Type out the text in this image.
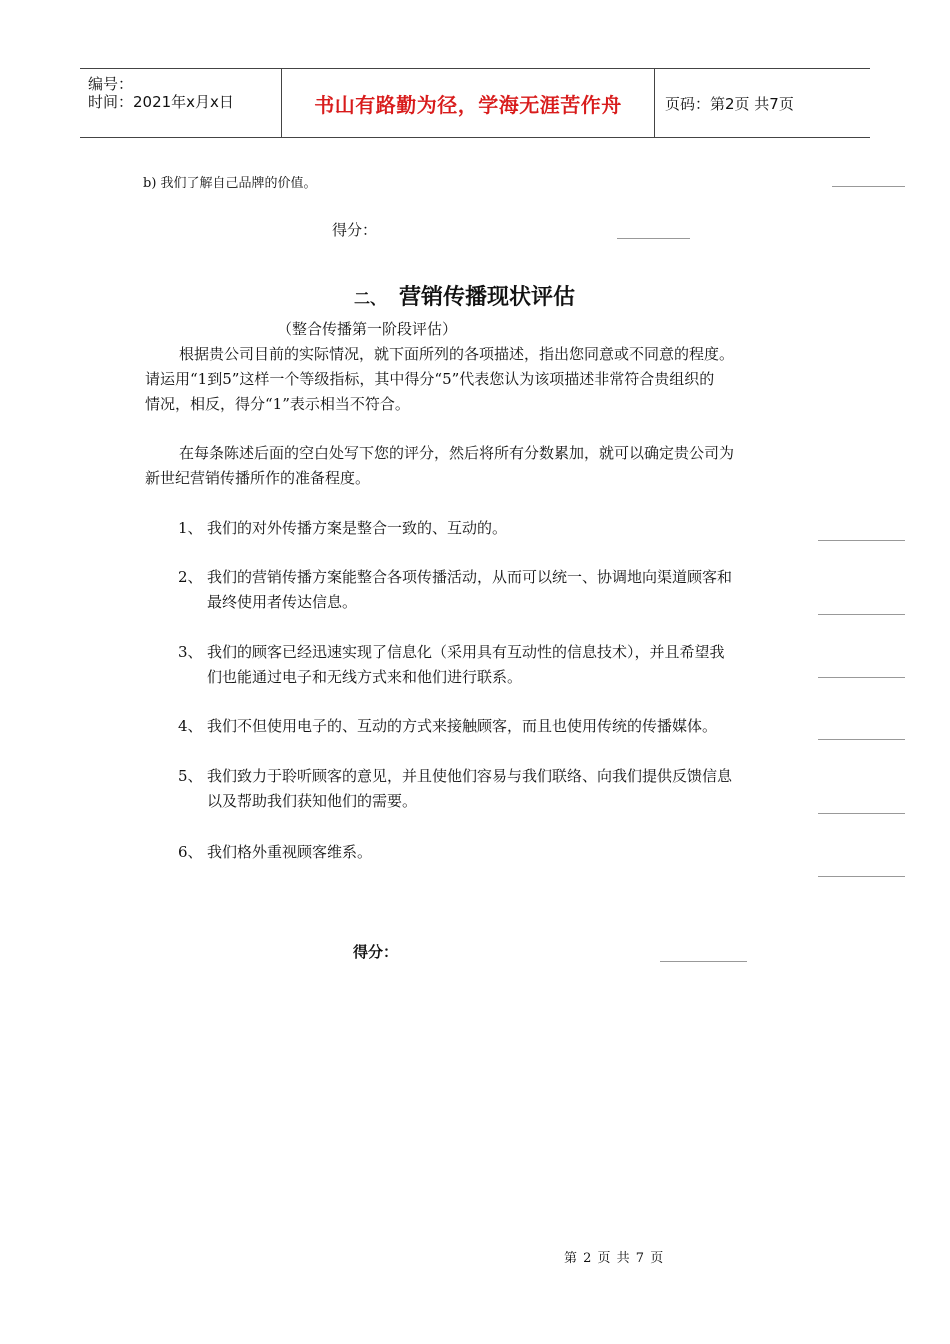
编号：
时间：2021年x月x日	书山有路勤为径，学海无涯苦作舟	页码：第2页 共7页
b) 我们了解自己品牌的价值。
得分：
二、 营销传播现状评估
（整合传播第一阶段评估）
根据贵公司目前的实际情况，就下面所列的各项描述，指出您同意或不同意的程度。
请运用“1到5”这样一个等级指标，其中得分“5”代表您认为该项描述非常符合贵组织的
情况，相反，得分“1”表示相当不符合。
在每条陈述后面的空白处写下您的评分，然后将所有分数累加，就可以确定贵公司为
新世纪营销传播所作的准备程度。
1、 我们的对外传播方案是整合一致的、互动的。
2、 我们的营销传播方案能整合各项传播活动，从而可以统一、协调地向渠道顾客和
最终使用者传达信息。
3、 我们的顾客已经迅速实现了信息化（采用具有互动性的信息技术），并且希望我
们也能通过电子和无线方式来和他们进行联系。
4、 我们不但使用电子的、互动的方式来接触顾客，而且也使用传统的传播媒体。
5、 我们致力于聆听顾客的意见，并且使他们容易与我们联络、向我们提供反馈信息
以及帮助我们获知他们的需要。
6、 我们格外重视顾客维系。
得分：
第 2 页 共 7 页
